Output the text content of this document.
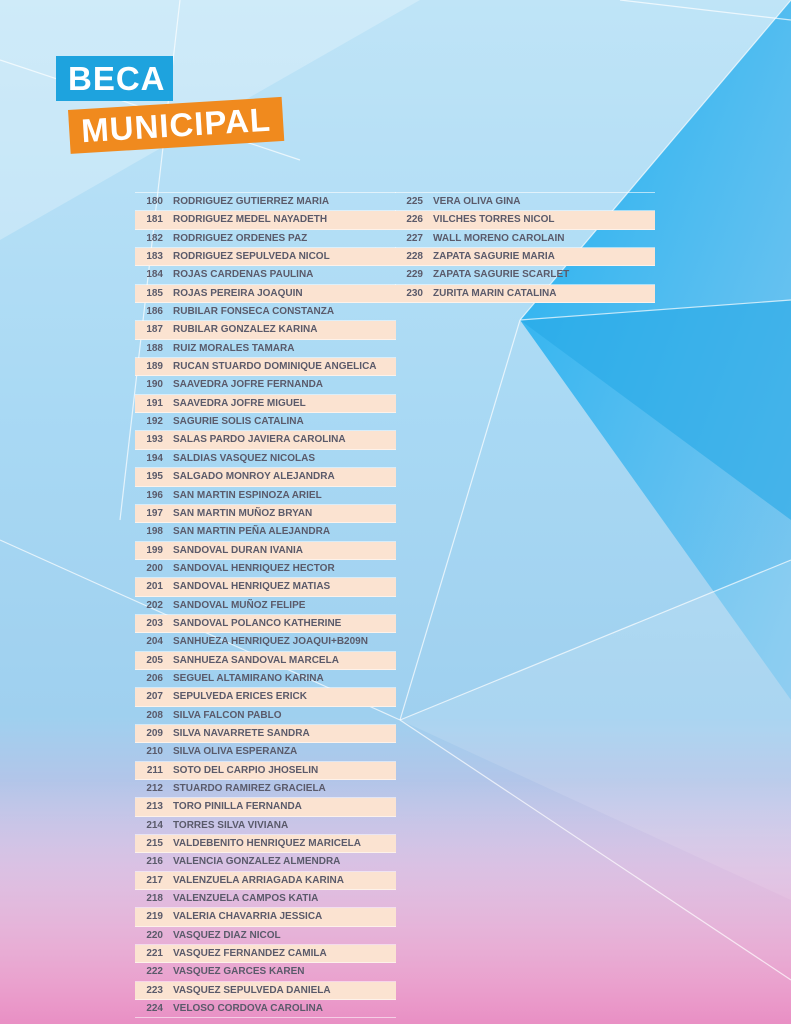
BECA
MUNICIPAL
180	RODRIGUEZ GUTIERREZ MARIA
181	RODRIGUEZ MEDEL NAYADETH
182	RODRIGUEZ ORDENES PAZ
183	RODRIGUEZ SEPULVEDA NICOL
184	ROJAS CARDENAS PAULINA
185	ROJAS PEREIRA JOAQUIN
186	RUBILAR FONSECA CONSTANZA
187	RUBILAR GONZALEZ KARINA
188	RUIZ MORALES TAMARA
189	RUCAN STUARDO DOMINIQUE ANGELICA
190	SAAVEDRA JOFRE FERNANDA
191	SAAVEDRA JOFRE MIGUEL
192	SAGURIE SOLIS CATALINA
193	SALAS PARDO JAVIERA CAROLINA
194	SALDIAS VASQUEZ NICOLAS
195	SALGADO MONROY ALEJANDRA
196	SAN MARTIN ESPINOZA ARIEL
197	SAN MARTIN MUÑOZ BRYAN
198	SAN MARTIN PEÑA ALEJANDRA
199	SANDOVAL DURAN IVANIA
200	SANDOVAL HENRIQUEZ HECTOR
201	SANDOVAL HENRIQUEZ MATIAS
202	SANDOVAL MUÑOZ FELIPE
203	SANDOVAL POLANCO KATHERINE
204	SANHUEZA HENRIQUEZ JOAQUI+B209N
205	SANHUEZA SANDOVAL MARCELA
206	SEGUEL ALTAMIRANO KARINA
207	SEPULVEDA ERICES ERICK
208	SILVA FALCON PABLO
209	SILVA NAVARRETE SANDRA
210	SILVA OLIVA ESPERANZA
211	SOTO DEL CARPIO JHOSELIN
212	STUARDO RAMIREZ GRACIELA
213	TORO PINILLA FERNANDA
214	TORRES SILVA VIVIANA
215	VALDEBENITO HENRIQUEZ MARICELA
216	VALENCIA GONZALEZ ALMENDRA
217	VALENZUELA ARRIAGADA KARINA
218	VALENZUELA CAMPOS KATIA
219	VALERIA CHAVARRIA JESSICA
220	VASQUEZ DIAZ NICOL
221	VASQUEZ FERNANDEZ CAMILA
222	VASQUEZ GARCES KAREN
223	VASQUEZ SEPULVEDA DANIELA
224	VELOSO CORDOVA CAROLINA
225	VERA OLIVA GINA
226	VILCHES TORRES NICOL
227	WALL MORENO CAROLAIN
228	ZAPATA SAGURIE MARIA
229	ZAPATA SAGURIE SCARLET
230	ZURITA MARIN CATALINA
